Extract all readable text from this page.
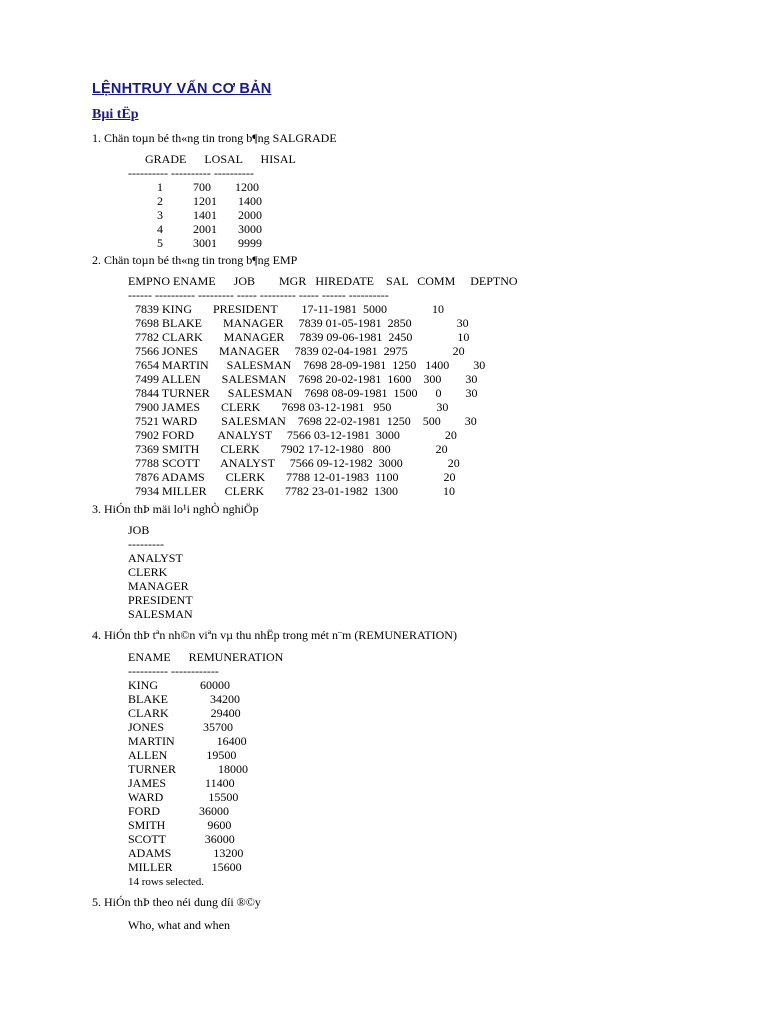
LỆNHTRUY VẤN CƠ BẢN
Bµi tËp

1. Chän toµn bé th«ng tin trong b¶ng SALGRADE

GRADE      LOSAL      HISAL

---------- ---------- ----------

1          700        1200

2          1201       1400

3          1401       2000

4          2001       3000

5          3001       9999

2. Chän toµn bé th«ng tin trong b¶ng EMP

EMPNO ENAME      JOB        MGR   HIREDATE    SAL   COMM     DEPTNO

------ ---------- --------- ----- --------- ----- ------ ----------

7839 KING       PRESIDENT        17-11-1981  5000               10

7698 BLAKE       MANAGER     7839 01-05-1981  2850               30

7782 CLARK       MANAGER     7839 09-06-1981  2450               10

7566 JONES       MANAGER     7839 02-04-1981  2975               20

7654 MARTIN      SALESMAN    7698 28-09-1981  1250   1400        30

7499 ALLEN       SALESMAN    7698 20-02-1981  1600    300        30

7844 TURNER      SALESMAN    7698 08-09-1981  1500      0        30

7900 JAMES       CLERK       7698 03-12-1981   950               30

7521 WARD        SALESMAN    7698 22-02-1981  1250    500        30

7902 FORD        ANALYST     7566 03-12-1981  3000               20

7369 SMITH       CLERK       7902 17-12-1980   800               20

7788 SCOTT       ANALYST     7566 09-12-1982  3000               20

7876 ADAMS       CLERK       7788 12-01-1983  1100               20

7934 MILLER      CLERK       7782 23-01-1982  1300               10

3. HiÓn thÞ mäi lo¹i nghÒ nghiÖp

JOB

---------

ANALYST

CLERK

MANAGER

PRESIDENT

SALESMAN

4. HiÓn thÞ tªn nh©n viªn vµ thu nhËp trong mét n¨m (REMUNERATION)

ENAME      REMUNERATION

---------- ------------

KING              60000

BLAKE              34200

CLARK              29400

JONES             35700

MARTIN              16400

ALLEN             19500

TURNER              18000

JAMES             11400

WARD               15500

FORD             36000

SMITH              9600

SCOTT             36000

ADAMS              13200

MILLER             15600

14 rows selected.

5. HiÓn thÞ theo néi dung díi ®©y

Who, what and when
